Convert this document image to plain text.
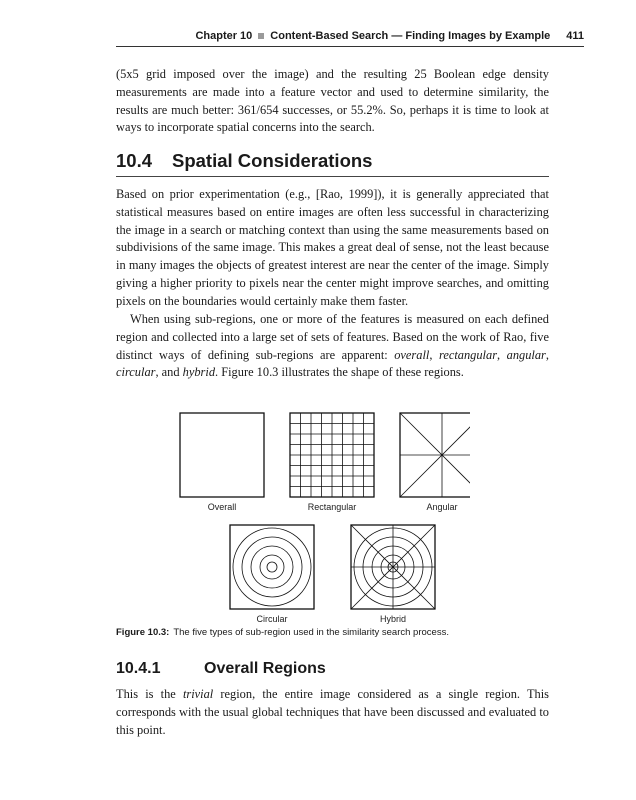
Chapter 10 Content-Based Search — Finding Images by Example 411

(5x5 grid imposed over the image) and the resulting 25 Boolean edge density measurements are made into a feature vector and used to determine similarity, the results are much better: 361/654 successes, or 55.2%. So, perhaps it is time to look at ways to incorporate spatial concerns into the search.

10.4 Spatial Considerations

Based on prior experimentation (e.g., [Rao, 1999]), it is generally appreciated that statistical measures based on entire images are often less successful in characterizing the image in a search or matching context than using the same measurements based on subdivisions of the same image. This makes a great deal of sense, not the least because in many images the objects of greatest interest are near the center of the image. Simply giving a higher priority to pixels near the center might improve searches, and omitting pixels on the boundaries would certainly make them faster.

When using sub-regions, one or more of the features is measured on each defined region and collected into a large set of sets of features. Based on the work of Rao, five distinct ways of defining sub-regions are apparent: overall, rectangular, angular, circular, and hybrid. Figure 10.3 illustrates the shape of these regions.

Overall	Rectangular	Angular
Circular	Hybrid
Figure 10.3: The five types of sub-region used in the similarity search process.
10.4.1	Overall Regions

This is the trivial region, the entire image considered as a single region. This corresponds with the usual global techniques that have been discussed and evaluated to this point.
